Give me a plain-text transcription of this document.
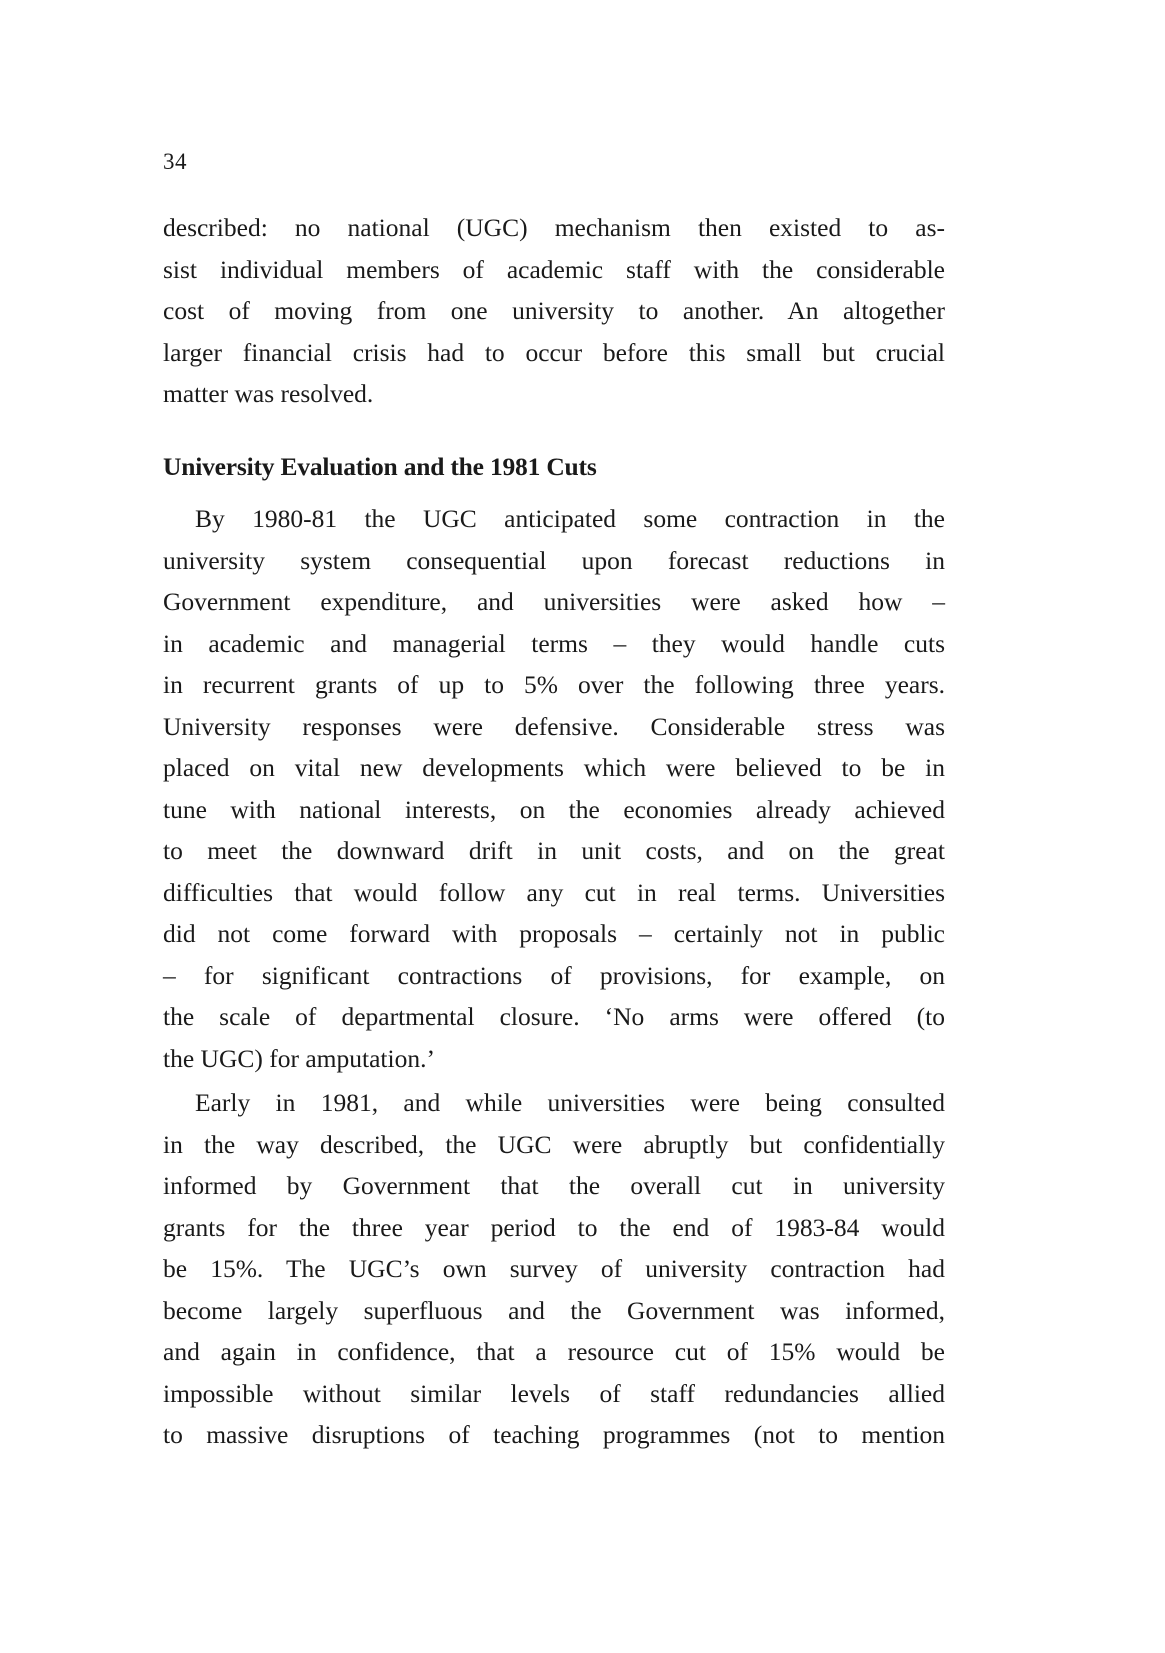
34
described: no national (UGC) mechanism then existed to as-
sist individual members of academic staff with the considerable
cost of moving from one university to another. An altogether
larger financial crisis had to occur before this small but crucial
matter was resolved.
University Evaluation and the 1981 Cuts
By 1980-81 the UGC anticipated some contraction in the
university system consequential upon forecast reductions in
Government expenditure, and universities were asked how –
in academic and managerial terms – they would handle cuts
in recurrent grants of up to 5% over the following three years.
University responses were defensive. Considerable stress was
placed on vital new developments which were believed to be in
tune with national interests, on the economies already achieved
to meet the downward drift in unit costs, and on the great
difficulties that would follow any cut in real terms. Universities
did not come forward with proposals – certainly not in public
– for significant contractions of provisions, for example, on
the scale of departmental closure. ‘No arms were offered (to
the UGC) for amputation.’
Early in 1981, and while universities were being consulted
in the way described, the UGC were abruptly but confidentially
informed by Government that the overall cut in university
grants for the three year period to the end of 1983-84 would
be 15%. The UGC’s own survey of university contraction had
become largely superfluous and the Government was informed,
and again in confidence, that a resource cut of 15% would be
impossible without similar levels of staff redundancies allied
to massive disruptions of teaching programmes (not to mention
